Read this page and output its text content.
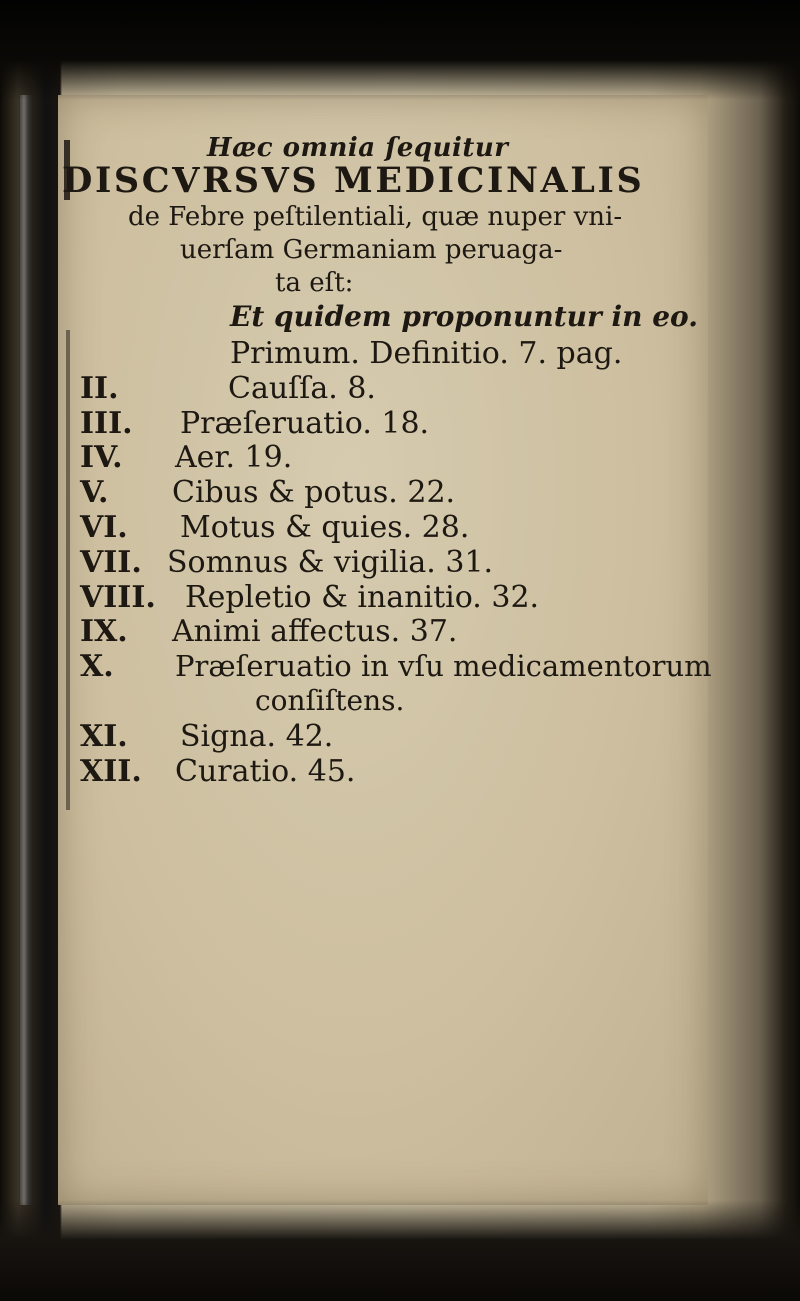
Hæc omnia ſequitur
DISCVRSVS MEDICINALIS
de Febre peſtilentiali, quæ nuper vni-
uerſam Germaniam peruaga-
ta eſt:
Et quidem proponuntur in eo.
Primum. Definitio. 7. pag.
II.	Cauſſa. 8.
III. Præſeruatio. 18.
IV. Aer. 19.
V. Cibus & potus. 22.
VI. Motus & quies. 28.
VII. Somnus & vigilia. 31.
VIII. Repletio & inanitio. 32.
IX. Animi affectus. 37.
X. Præſeruatio in vſu medicamentorum
conſiſtens.
XI. Signa. 42.
XII. Curatio. 45.
